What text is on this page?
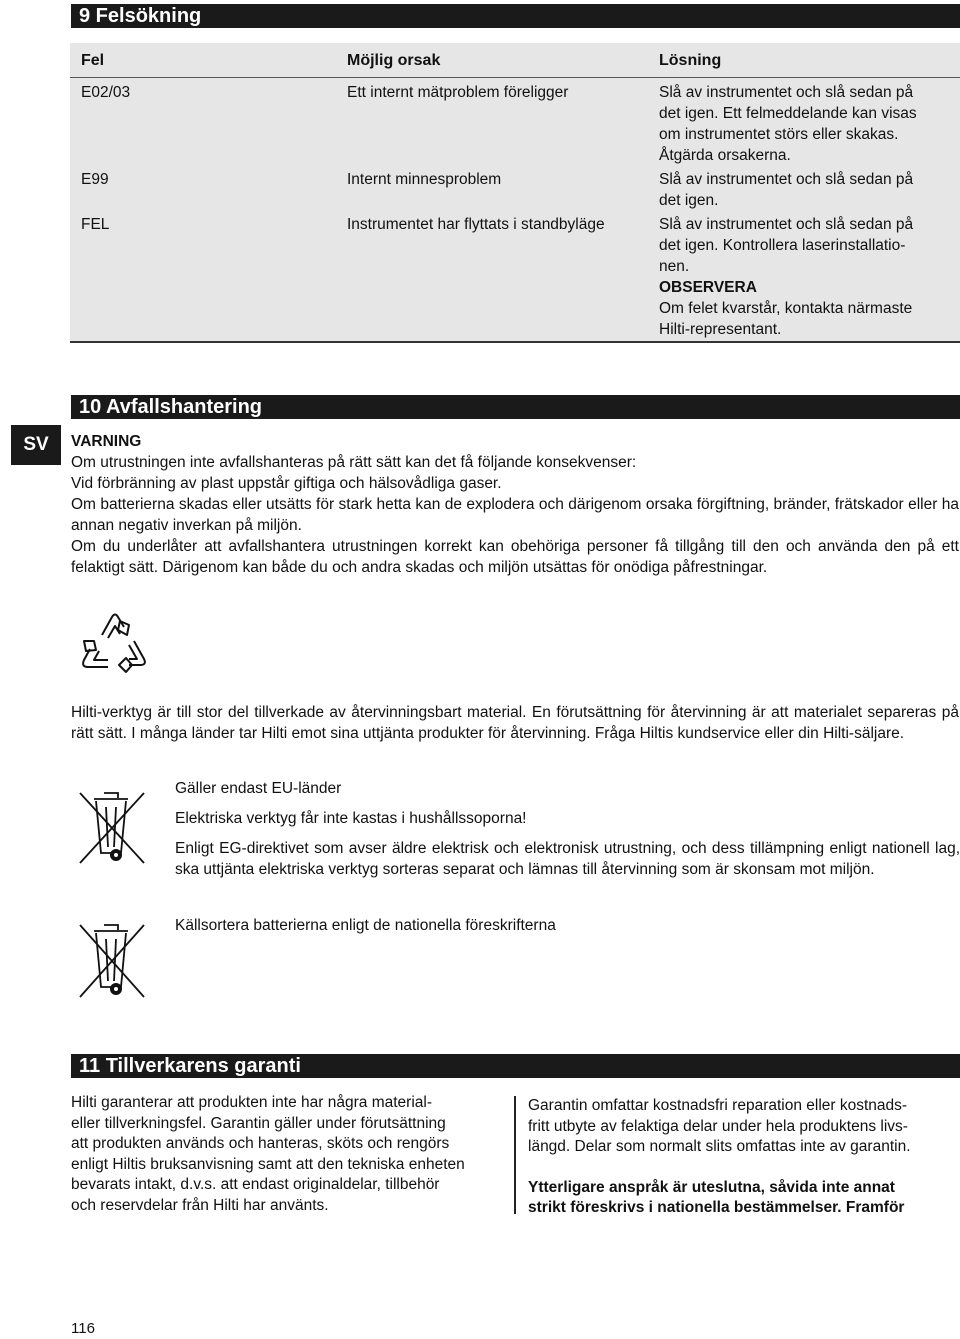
9 Felsökning
Fel	Möjlig orsak	Lösning
E02/03	Ett internt mätproblem föreligger	Slå av instrumentet och slå sedan på
det igen. Ett felmeddelande kan visas
om instrumentet störs eller skakas.
Åtgärda orsakerna.
E99	Internt minnesproblem	Slå av instrumentet och slå sedan på
det igen.
FEL	Instrumentet har flyttats i standbyläge	Slå av instrumentet och slå sedan på
det igen. Kontrollera laserinstallatio-
nen.
OBSERVERA
Om felet kvarstår, kontakta närmaste
Hilti-representant.
10 Avfallshantering
SV	VARNING
Om utrustningen inte avfallshanteras på rätt sätt kan det få följande konsekvenser:
Vid förbränning av plast uppstår giftiga och hälsovådliga gaser.
Om batterierna skadas eller utsätts för stark hetta kan de explodera och därigenom orsaka förgiftning, bränder, frätskador eller ha annan negativ inverkan på miljön.
Om du underlåter att avfallshantera utrustningen korrekt kan obehöriga personer få tillgång till den och använda den på ett felaktigt sätt. Därigenom kan både du och andra skadas och miljön utsättas för onödiga påfrestningar.
Hilti-verktyg är till stor del tillverkade av återvinningsbart material. En förutsättning för återvinning är att materialet separeras på rätt sätt. I många länder tar Hilti emot sina uttjänta produkter för återvinning. Fråga Hiltis kundservice eller din Hilti-säljare.
Gäller endast EU-länder
Elektriska verktyg får inte kastas i hushållssoporna!
Enligt EG-direktivet som avser äldre elektrisk och elektronisk utrustning, och dess tillämpning enligt nationell lag, ska uttjänta elektriska verktyg sorteras separat och lämnas till återvinning som är skonsam mot miljön.
Källsortera batterierna enligt de nationella föreskrifterna
11 Tillverkarens garanti
Hilti garanterar att produkten inte har några material-
eller tillverkningsfel. Garantin gäller under förutsättning
att produkten används och hanteras, sköts och rengörs
enligt Hiltis bruksanvisning samt att den tekniska enheten
bevarats intakt, d.v.s. att endast originaldelar, tillbehör
och reservdelar från Hilti har använts.
Garantin omfattar kostnadsfri reparation eller kostnads-
fritt utbyte av felaktiga delar under hela produktens livs-
längd. Delar som normalt slits omfattas inte av garantin.
Ytterligare anspråk är uteslutna, såvida inte annat
strikt föreskrivs i nationella bestämmelser. Framför
116
